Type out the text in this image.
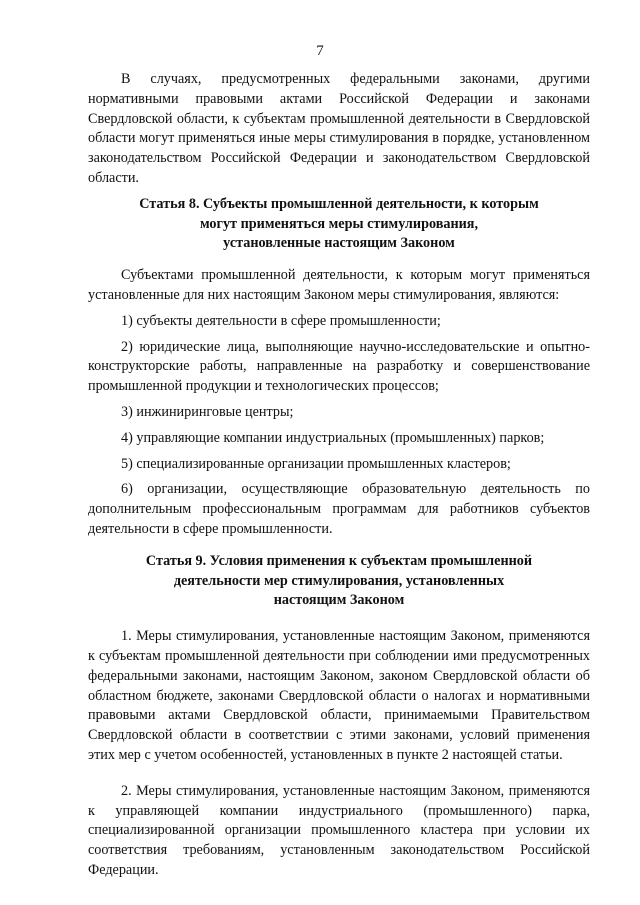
7

В случаях, предусмотренных федеральными законами, другими нормативными правовыми актами Российской Федерации и законами Свердловской области, к субъектам промышленной деятельности в Свердловской области могут применяться иные меры стимулирования в порядке, установленном законодательством Российской Федерации и законодательством Свердловской области.

Статья 8. Субъекты промышленной деятельности, к которым
могут применяться меры стимулирования,
установленные настоящим Законом

Субъектами промышленной деятельности, к которым могут применяться установленные для них настоящим Законом меры стимулирования, являются:

1) субъекты деятельности в сфере промышленности;

2) юридические лица, выполняющие научно-исследовательские и опытно-конструкторские работы, направленные на разработку и совершенствование промышленной продукции и технологических процессов;

3) инжиниринговые центры;

4) управляющие компании индустриальных (промышленных) парков;

5) специализированные организации промышленных кластеров;

6) организации, осуществляющие образовательную деятельность по дополнительным профессиональным программам для работников субъектов деятельности в сфере промышленности.

Статья 9. Условия применения к субъектам промышленной
деятельности мер стимулирования, установленных
настоящим Законом

1. Меры стимулирования, установленные настоящим Законом, применяются к субъектам промышленной деятельности при соблюдении ими предусмотренных федеральными законами, настоящим Законом, законом Свердловской области об областном бюджете, законами Свердловской области о налогах и нормативными правовыми актами Свердловской области, принимаемыми Правительством Свердловской области в соответствии с этими законами, условий применения этих мер с учетом особенностей, установленных в пункте 2 настоящей статьи.

2. Меры стимулирования, установленные настоящим Законом, применяются к управляющей компании индустриального (промышленного) парка, специализированной организации промышленного кластера при условии их соответствия требованиям, установленным законодательством Российской Федерации.
